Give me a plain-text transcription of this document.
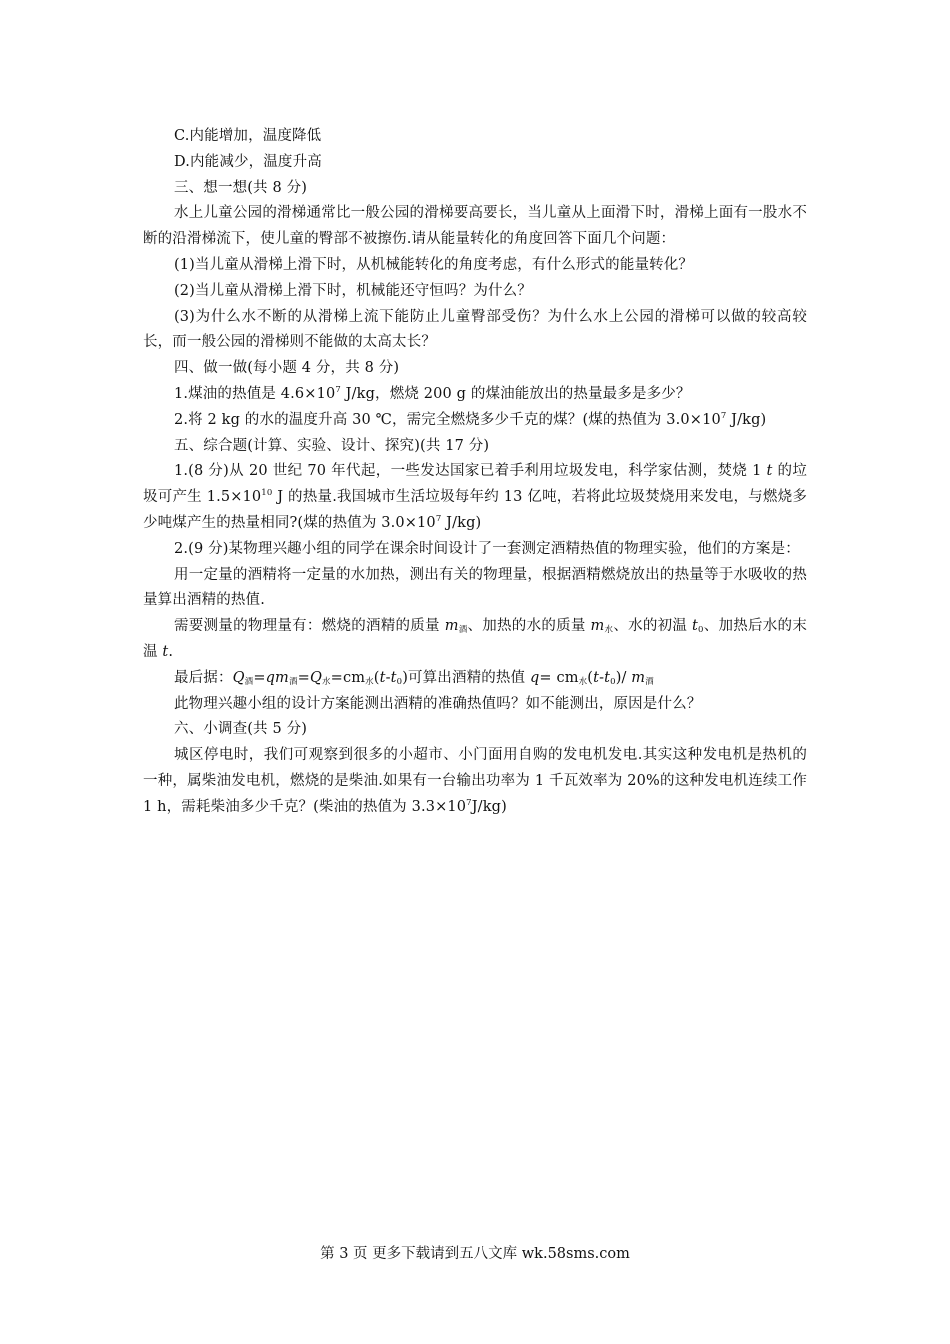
C.内能增加，温度降低

D.内能减少，温度升高

三、想一想(共 8 分)

水上儿童公园的滑梯通常比一般公园的滑梯要高要长，当儿童从上面滑下时，滑梯上面有一股水不断的沿滑梯流下，使儿童的臀部不被擦伤.请从能量转化的角度回答下面几个问题：

(1)当儿童从滑梯上滑下时，从机械能转化的角度考虑，有什么形式的能量转化？

(2)当儿童从滑梯上滑下时，机械能还守恒吗？为什么？

(3)为什么水不断的从滑梯上流下能防止儿童臀部受伤？为什么水上公园的滑梯可以做的较高较长，而一般公园的滑梯则不能做的太高太长？

四、做一做(每小题 4 分，共 8 分)

1.煤油的热值是 $4.6\times 10^7$ J/kg，燃烧 200 g 的煤油能放出的热量最多是多少？

2.将 2 kg 的水的温度升高 30 ℃，需完全燃烧多少千克的煤？(煤的热值为 $3.0\times 10^7$ J/kg)

五、综合题(计算、实验、设计、探究)(共 17 分)

1.(8 分)从 20 世纪 70 年代起，一些发达国家已着手利用垃圾发电，科学家估测，焚烧 1 t 的垃圾可产生 $1.5\times 10^{10}$ J 的热量.我国城市生活垃圾每年约 13 亿吨，若将此垃圾焚烧用来发电，与燃烧多少吨煤产生的热量相同?(煤的热值为 $3.0\times 10^7$ J/kg)

2.(9 分)某物理兴趣小组的同学在课余时间设计了一套测定酒精热值的物理实验，他们的方案是：

用一定量的酒精将一定量的水加热，测出有关的物理量，根据酒精燃烧放出的热量等于水吸收的热量算出酒精的热值.

需要测量的物理量有：燃烧的酒精的质量 $m_酒$、加热的水的质量 $m_水$、水的初温 $t_0$、加热后水的末温 t.

最后据：$Q_酒=qm_酒=Q_水=cm_水(t-t_0)$可算出酒精的热值 $q= cm_水(t-t_0)/$ $m_酒$

此物理兴趣小组的设计方案能测出酒精的准确热值吗？如不能测出，原因是什么？

六、小调查(共 5 分)

城区停电时，我们可观察到很多的小超市、小门面用自购的发电机发电.其实这种发电机是热机的一种，属柴油发电机，燃烧的是柴油.如果有一台输出功率为 1 千瓦效率为 20%的这种发电机连续工作 1 h，需耗柴油多少千克？(柴油的热值为 $3.3\times 10^7J/kg$)

第 3 页 更多下载请到五八文库 wk.58sms.com
